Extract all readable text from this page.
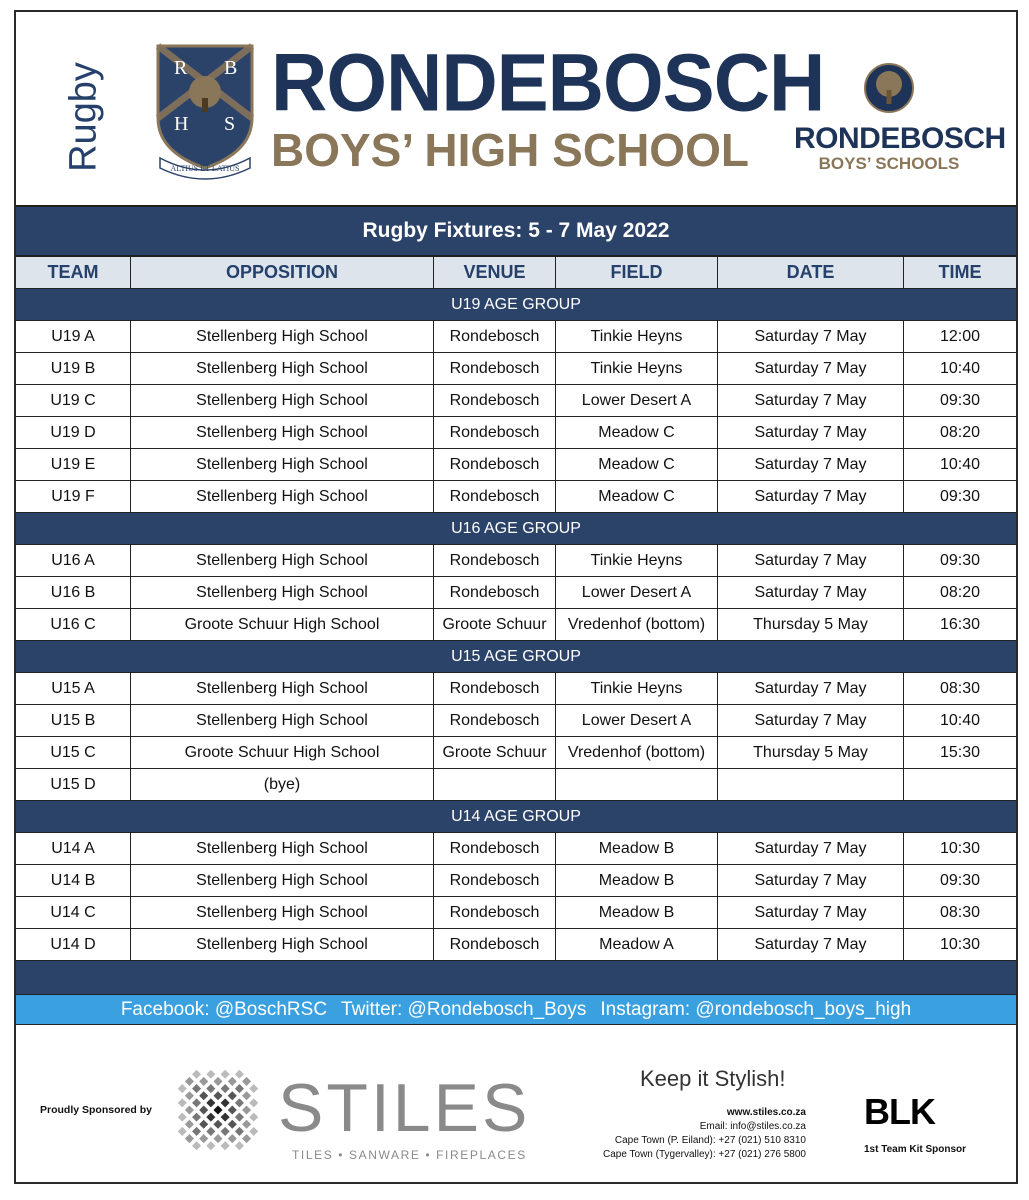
Rugby	R B
H S
ALTIUS ET LATIUS
RONDEBOSCH
BOYS’ HIGH SCHOOL	RONDEBOSCH
BOYS’ SCHOOLS
Rugby Fixtures: 5 - 7 May 2022
TEAM	OPPOSITION	VENUE	FIELD	DATE	TIME
U19 AGE GROUP
U19 A	Stellenberg High School	Rondebosch	Tinkie Heyns	Saturday 7 May	12:00
U19 B	Stellenberg High School	Rondebosch	Tinkie Heyns	Saturday 7 May	10:40
U19 C	Stellenberg High School	Rondebosch	Lower Desert A	Saturday 7 May	09:30
U19 D	Stellenberg High School	Rondebosch	Meadow C	Saturday 7 May	08:20
U19 E	Stellenberg High School	Rondebosch	Meadow C	Saturday 7 May	10:40
U19 F	Stellenberg High School	Rondebosch	Meadow C	Saturday 7 May	09:30
U16 AGE GROUP
U16 A	Stellenberg High School	Rondebosch	Tinkie Heyns	Saturday 7 May	09:30
U16 B	Stellenberg High School	Rondebosch	Lower Desert A	Saturday 7 May	08:20
U16 C	Groote Schuur High School	Groote Schuur	Vredenhof (bottom)	Thursday 5 May	16:30
U15 AGE GROUP
U15 A	Stellenberg High School	Rondebosch	Tinkie Heyns	Saturday 7 May	08:30
U15 B	Stellenberg High School	Rondebosch	Lower Desert A	Saturday 7 May	10:40
U15 C	Groote Schuur High School	Groote Schuur	Vredenhof (bottom)	Thursday 5 May	15:30
U15 D	(bye)
U14 AGE GROUP
U14 A	Stellenberg High School	Rondebosch	Meadow B	Saturday 7 May	10:30
U14 B	Stellenberg High School	Rondebosch	Meadow B	Saturday 7 May	09:30
U14 C	Stellenberg High School	Rondebosch	Meadow B	Saturday 7 May	08:30
U14 D	Stellenberg High School	Rondebosch	Meadow A	Saturday 7 May	10:30
Facebook: @BoschRSC Twitter: @Rondebosch_Boys Instagram: @rondebosch_boys_high
Proudly Sponsored by STILES
TILES • SANWARE • FIREPLACES
Keep it Stylish!
www.stiles.co.za
Email: info@stiles.co.za
Cape Town (P. Eiland): +27 (021) 510 8310
Cape Town (Tygervalley): +27 (021) 276 5800
BLK
1st Team Kit Sponsor
